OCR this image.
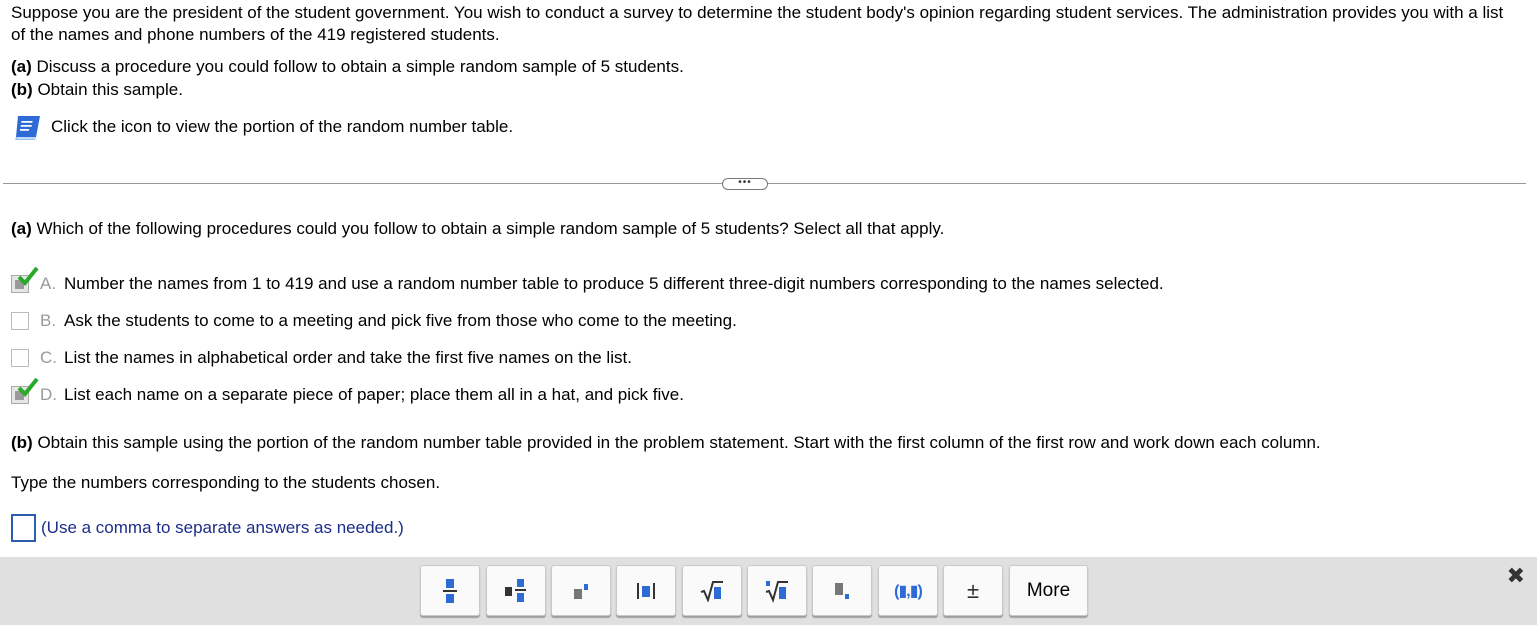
Suppose you are the president of the student government. You wish to conduct a survey to determine the student body's opinion regarding student services. The administration provides you with a list of the names and phone numbers of the 419 registered students.
(a) Discuss a procedure you could follow to obtain a simple random sample of 5 students.
(b) Obtain this sample.
Click the icon to view the portion of the random number table.
•••
(a) Which of the following procedures could you follow to obtain a simple random sample of 5 students? Select all that apply.
A. Number the names from 1 to 419 and use a random number table to produce 5 different three-digit numbers corresponding to the names selected.
B. Ask the students to come to a meeting and pick five from those who come to the meeting.
C. List the names in alphabetical order and take the first five names on the list.
D. List each name on a separate piece of paper; place them all in a hat, and pick five.
(b) Obtain this sample using the portion of the random number table provided in the problem statement. Start with the first column of the first row and work down each column.
Type the numbers corresponding to the students chosen.
(Use a comma to separate answers as needed.)
(▮,▮) ±	More
✖
